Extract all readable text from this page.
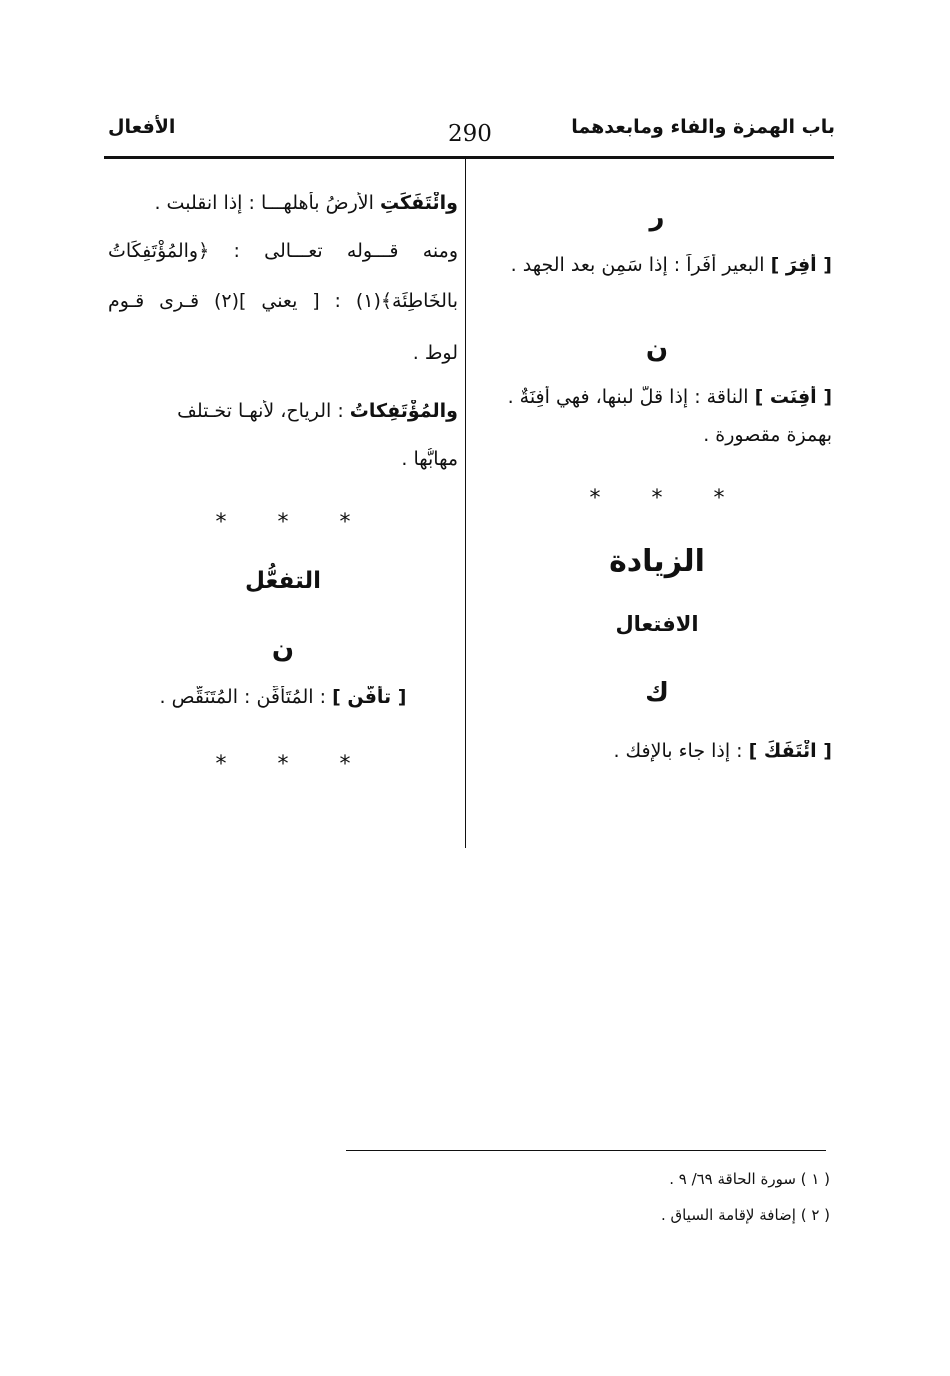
باب الهمزة والفاء ومابعدهما
290
الأفعال
ر
[ أَفِرَ ] البعير أَفَراً : إذا سَمِن بعد الجهد .
ن
[ أَفِنَت ] الناقة : إذا قلَّ لبنها، فهي أَفِنَةٌ .
بهمزة مقصورة .
* * *
الزيادة
الافتعال
ك
[ ائْتَفَكَ ] : إذا جاء بالإفك .
وائْتَفَكَتِ الأرضُ بأهلهـــا : إذا انقلبت .
ومنه قـــوله تعـــالى : ﴿والمُؤْتَفِكَاتُ
بالخَاطِئَة﴾(١) : [ يعني ](٢) قـرى قـوم
لوط .
والمُؤْتَفِكاتُ : الرياح، لأنهـا تخـتلف
مهابُّها .
* * *
التفعُّل
ن
[ تأَفَّن ] : المُتَأَفِّن : المُتَنَقِّص .
* * *
( ١ ) سورة الحاقة ٦٩/ ٩ .
( ٢ ) إضافة لإقامة السياق .
